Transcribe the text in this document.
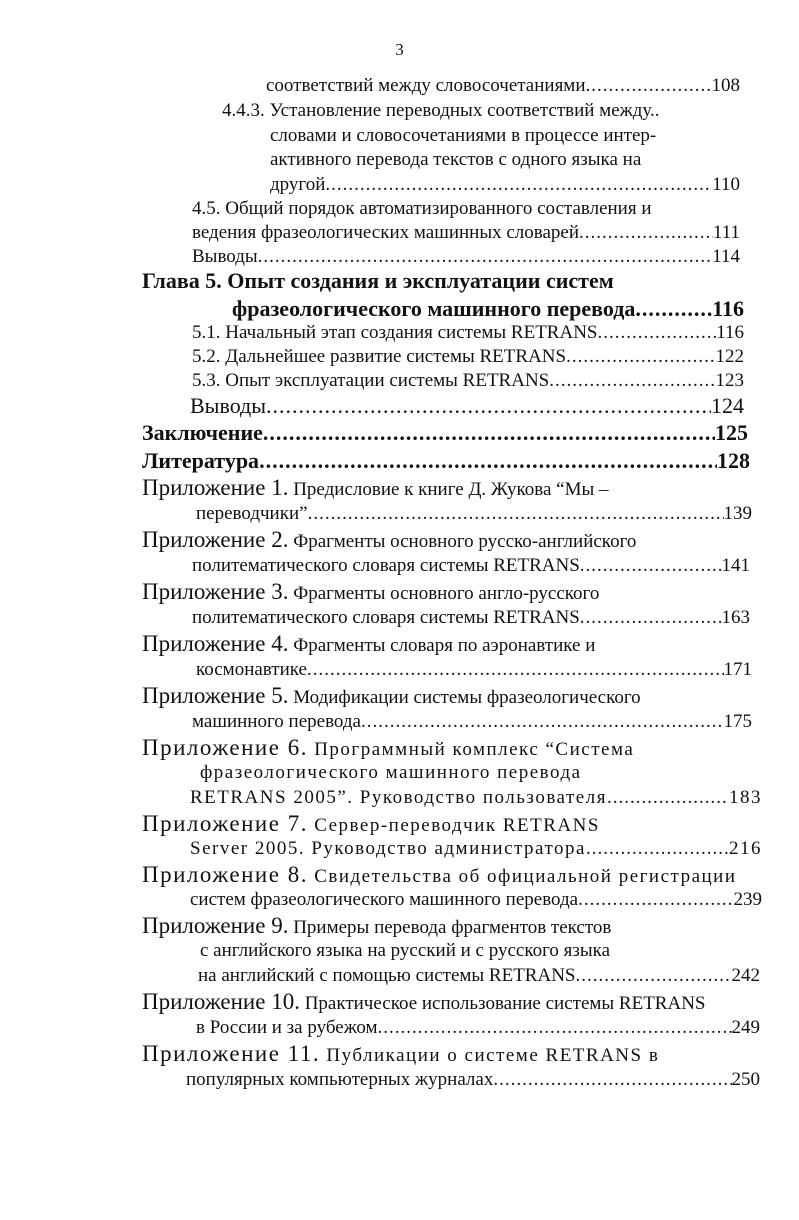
3
соответствий между словосочетаниями .....	108
4.4.3. Установление переводных соответствий между..
словами и словосочетаниями в процессе интер-
активного перевода текстов с одного языка на
другой .....	110
4.5. Общий порядок автоматизированного составления и
ведения фразеологических машинных словарей .....	111
Выводы .....	114
Глава 5. Опыт создания и эксплуатации систем
фразеологического машинного перевода .....	116
5.1. Начальный этап создания системы RETRANS .....	116
5.2. Дальнейшее развитие системы RETRANS .....	122
5.3. Опыт эксплуатации системы RETRANS .....	123
Выводы .....	124
Заключение .....	125
Литература .....	128
Приложение 1. Предисловие к книге Д. Жукова “Мы –
переводчики” .....	139
Приложение 2. Фрагменты основного русско-английского
политематического словаря системы RETRANS .....	141
Приложение 3. Фрагменты основного англо-русского
политематического словаря системы RETRANS .....	163
Приложение 4. Фрагменты словаря по аэронавтике и
космонавтике .....	171
Приложение 5. Модификации системы фразеологического
машинного перевода .....	175
Приложение 6. Программный комплекс “Система
фразеологического машинного перевода
RETRANS 2005”. Руководство пользователя .....	183
Приложение 7. Сервер-переводчик RETRANS
Server 2005. Руководство администратора .....	216
Приложение 8. Свидетельства об официальной регистрации
систем фразеологического машинного перевода .....	239
Приложение 9. Примеры перевода фрагментов текстов
с английского языка на русский и с русского языка
на английский с помощью системы RETRANS .....	242
Приложение 10. Практическое использование системы RETRANS
в России и за рубежом .....	249
Приложение 11. Публикации о системе RETRANS в
популярных компьютерных журналах .....	250
